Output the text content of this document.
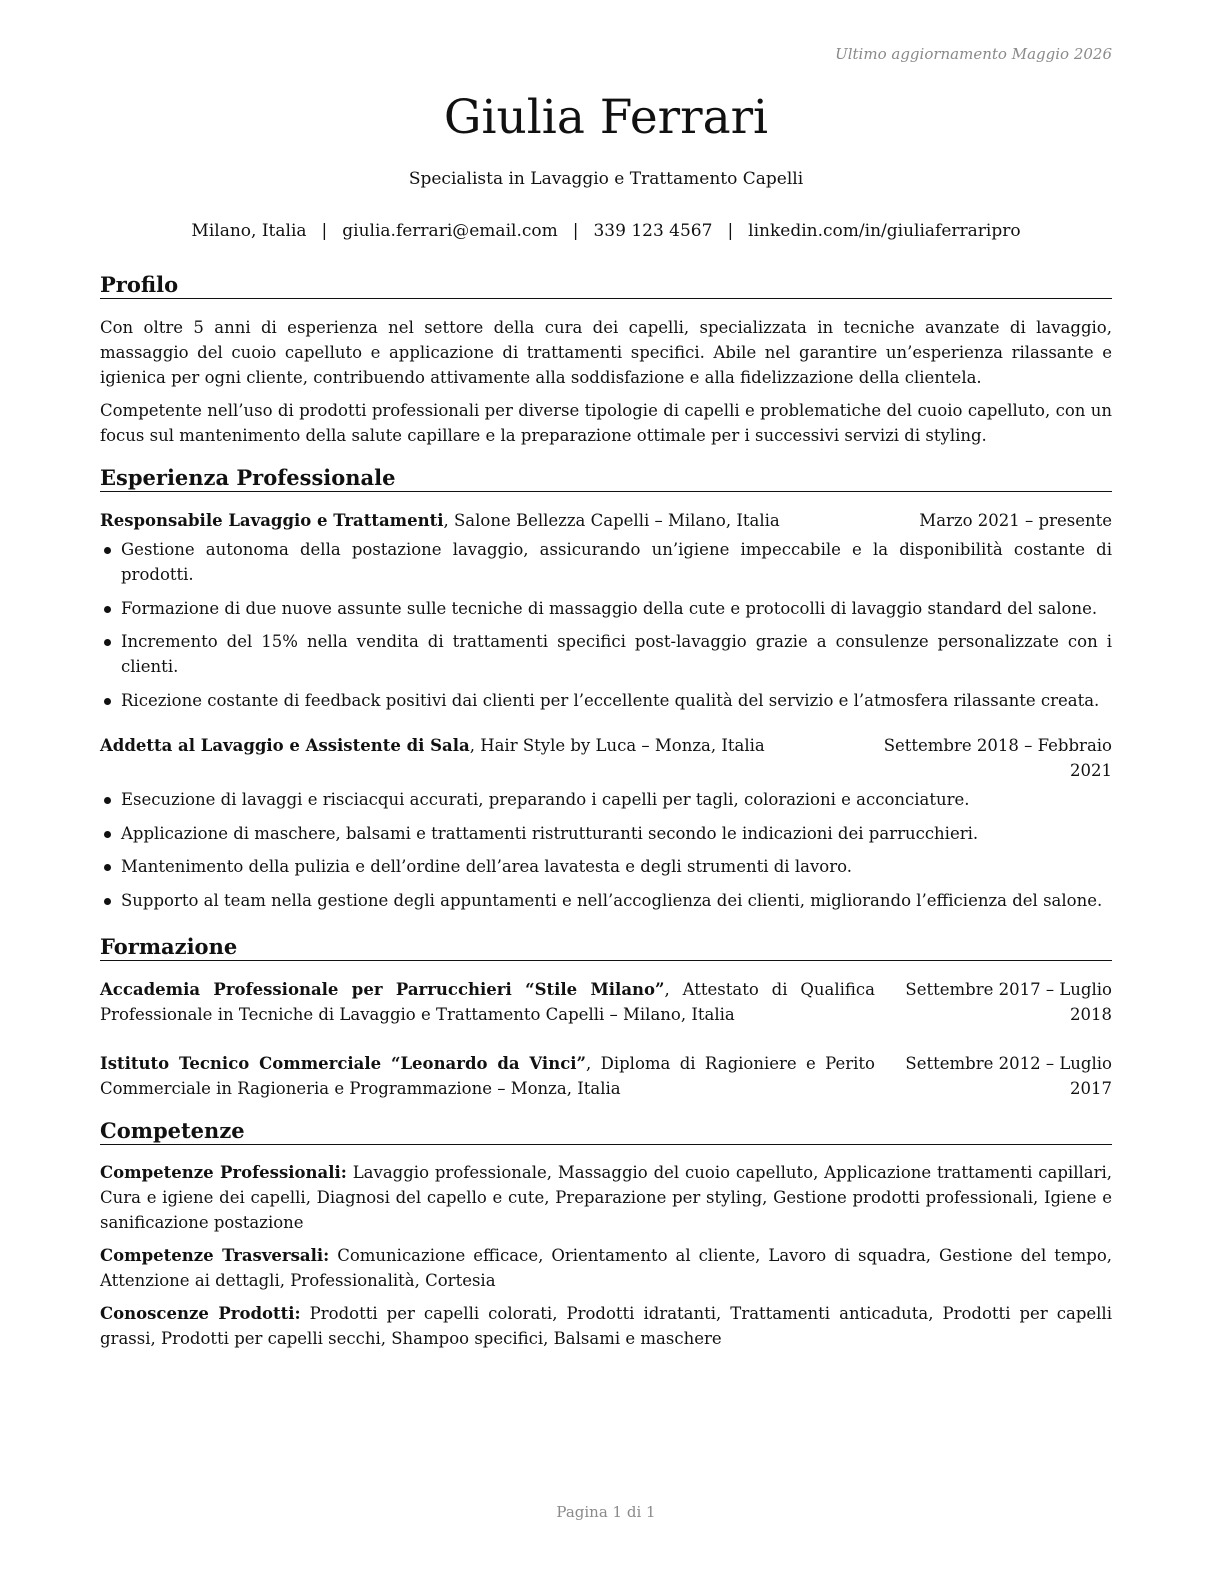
Ultimo aggiornamento Maggio 2026
Giulia Ferrari
Specialista in Lavaggio e Trattamento Capelli
Milano, Italia | giulia.ferrari@email.com | 339 123 4567 | linkedin.com/in/giuliaferraripro
Profilo

Con oltre 5 anni di esperienza nel settore della cura dei capelli, specializzata in tecniche avanzate di lavaggio, massaggio del cuoio capelluto e applicazione di trattamenti specifici. Abile nel garantire un’esperienza rilassante e igienica per ogni cliente, contribuendo attivamente alla soddisfazione e alla fidelizzazione della clientela.

Competente nell’uso di prodotti professionali per diverse tipologie di capelli e problematiche del cuoio capelluto, con un focus sul mantenimento della salute capillare e la preparazione ottimale per i successivi servizi di styling.

Esperienza Professionale
Responsabile Lavaggio e Trattamenti, Salone Bellezza Capelli – Milano, Italia	Marzo 2021 – presente
Gestione autonoma della postazione lavaggio, assicurando un’igiene impeccabile e la disponibilità costante di prodotti.
Formazione di due nuove assunte sulle tecniche di massaggio della cute e protocolli di lavaggio standard del salone.
Incremento del 15% nella vendita di trattamenti specifici post-lavaggio grazie a consulenze personalizzate con i clienti.
Ricezione costante di feedback positivi dai clienti per l’eccellente qualità del servizio e l’atmosfera rilassante creata.
Addetta al Lavaggio e Assistente di Sala, Hair Style by Luca – Monza, Italia	Settembre 2018 – Febbraio 2021
Esecuzione di lavaggi e risciacqui accurati, preparando i capelli per tagli, colorazioni e acconciature.
Applicazione di maschere, balsami e trattamenti ristrutturanti secondo le indicazioni dei parrucchieri.
Mantenimento della pulizia e dell’ordine dell’area lavatesta e degli strumenti di lavoro.
Supporto al team nella gestione degli appuntamenti e nell’accoglienza dei clienti, migliorando l’efficienza del salone.
Formazione
Accademia Professionale per Parrucchieri “Stile Milano”, Attestato di Qualifica Professionale in Tecniche di Lavaggio e Trattamento Capelli – Milano, Italia
Settembre 2017 – Luglio 2018
Istituto Tecnico Commerciale “Leonardo da Vinci”, Diploma di Ragioniere e Perito Commerciale in Ragioneria e Programmazione – Monza, Italia
Settembre 2012 – Luglio 2017
Competenze

Competenze Professionali: Lavaggio professionale, Massaggio del cuoio capelluto, Applicazione trattamenti capillari, Cura e igiene dei capelli, Diagnosi del capello e cute, Preparazione per styling, Gestione prodotti professionali, Igiene e sanificazione postazione

Competenze Trasversali: Comunicazione efficace, Orientamento al cliente, Lavoro di squadra, Gestione del tempo, Attenzione ai dettagli, Professionalità, Cortesia

Conoscenze Prodotti: Prodotti per capelli colorati, Prodotti idratanti, Trattamenti anticaduta, Prodotti per capelli grassi, Prodotti per capelli secchi, Shampoo specifici, Balsami e maschere

Pagina 1 di 1
